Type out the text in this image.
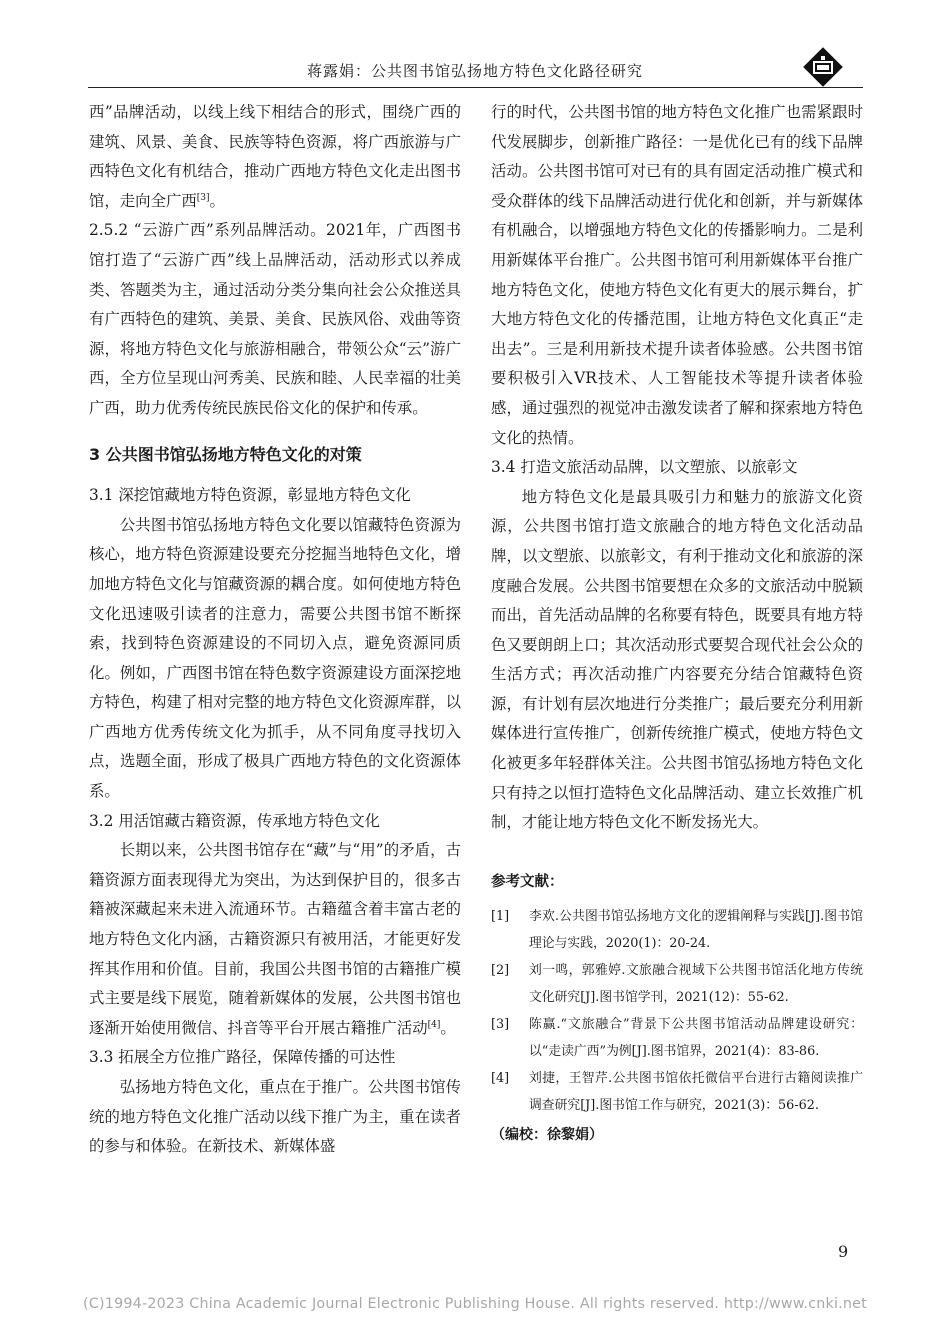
蒋露娟：公共图书馆弘扬地方特色文化路径研究

西”品牌活动，以线上线下相结合的形式，围绕广西的建筑、风景、美食、民族等特色资源，将广西旅游与广西特色文化有机结合，推动广西地方特色文化走出图书馆，走向全广西[3]。

2.5.2 “云游广西”系列品牌活动。2021年，广西图书馆打造了“云游广西”线上品牌活动，活动形式以养成类、答题类为主，通过活动分类分集向社会公众推送具有广西特色的建筑、美景、美食、民族风俗、戏曲等资源，将地方特色文化与旅游相融合，带领公众“云”游广西，全方位呈现山河秀美、民族和睦、人民幸福的壮美广西，助力优秀传统民族民俗文化的保护和传承。

3 公共图书馆弘扬地方特色文化的对策

3.1 深挖馆藏地方特色资源，彰显地方特色文化

公共图书馆弘扬地方特色文化要以馆藏特色资源为核心，地方特色资源建设要充分挖掘当地特色文化，增加地方特色文化与馆藏资源的耦合度。如何使地方特色文化迅速吸引读者的注意力，需要公共图书馆不断探索，找到特色资源建设的不同切入点，避免资源同质化。例如，广西图书馆在特色数字资源建设方面深挖地方特色，构建了相对完整的地方特色文化资源库群，以广西地方优秀传统文化为抓手，从不同角度寻找切入点，选题全面，形成了极具广西地方特色的文化资源体系。

3.2 用活馆藏古籍资源，传承地方特色文化

长期以来，公共图书馆存在“藏”与“用”的矛盾，古籍资源方面表现得尤为突出，为达到保护目的，很多古籍被深藏起来未进入流通环节。古籍蕴含着丰富古老的地方特色文化内涵，古籍资源只有被用活，才能更好发挥其作用和价值。目前，我国公共图书馆的古籍推广模式主要是线下展览，随着新媒体的发展，公共图书馆也逐渐开始使用微信、抖音等平台开展古籍推广活动[4]。

3.3 拓展全方位推广路径，保障传播的可达性

弘扬地方特色文化，重点在于推广。公共图书馆传统的地方特色文化推广活动以线下推广为主，重在读者的参与和体验。在新技术、新媒体盛

行的时代，公共图书馆的地方特色文化推广也需紧跟时代发展脚步，创新推广路径：一是优化已有的线下品牌活动。公共图书馆可对已有的具有固定活动推广模式和受众群体的线下品牌活动进行优化和创新，并与新媒体有机融合，以增强地方特色文化的传播影响力。二是利用新媒体平台推广。公共图书馆可利用新媒体平台推广地方特色文化，使地方特色文化有更大的展示舞台，扩大地方特色文化的传播范围，让地方特色文化真正“走出去”。三是利用新技术提升读者体验感。公共图书馆要积极引入VR技术、人工智能技术等提升读者体验感，通过强烈的视觉冲击激发读者了解和探索地方特色文化的热情。

3.4 打造文旅活动品牌，以文塑旅、以旅彰文

地方特色文化是最具吸引力和魅力的旅游文化资源，公共图书馆打造文旅融合的地方特色文化活动品牌，以文塑旅、以旅彰文，有利于推动文化和旅游的深度融合发展。公共图书馆要想在众多的文旅活动中脱颖而出，首先活动品牌的名称要有特色，既要具有地方特色又要朗朗上口；其次活动形式要契合现代社会公众的生活方式；再次活动推广内容要充分结合馆藏特色资源，有计划有层次地进行分类推广；最后要充分利用新媒体进行宣传推广，创新传统推广模式，使地方特色文化被更多年轻群体关注。公共图书馆弘扬地方特色文化只有持之以恒打造特色文化品牌活动、建立长效推广机制，才能让地方特色文化不断发扬光大。

参考文献：

[1]	李欢.公共图书馆弘扬地方文化的逻辑阐释与实践[J].图书馆理论与实践，2020(1)：20-24.
[2]	刘一鸣，郭雅婷.文旅融合视域下公共图书馆活化地方传统文化研究[J].图书馆学刊，2021(12)：55-62.
[3]	陈赢.“文旅融合”背景下公共图书馆活动品牌建设研究：以“走读广西”为例[J].图书馆界，2021(4)：83-86.
[4]	刘捷，王智芹.公共图书馆依托微信平台进行古籍阅读推广调查研究[J].图书馆工作与研究，2021(3)：56-62.

（编校：徐黎娟）

9
(C)1994-2023 China Academic Journal Electronic Publishing House. All rights reserved. http://www.cnki.net
